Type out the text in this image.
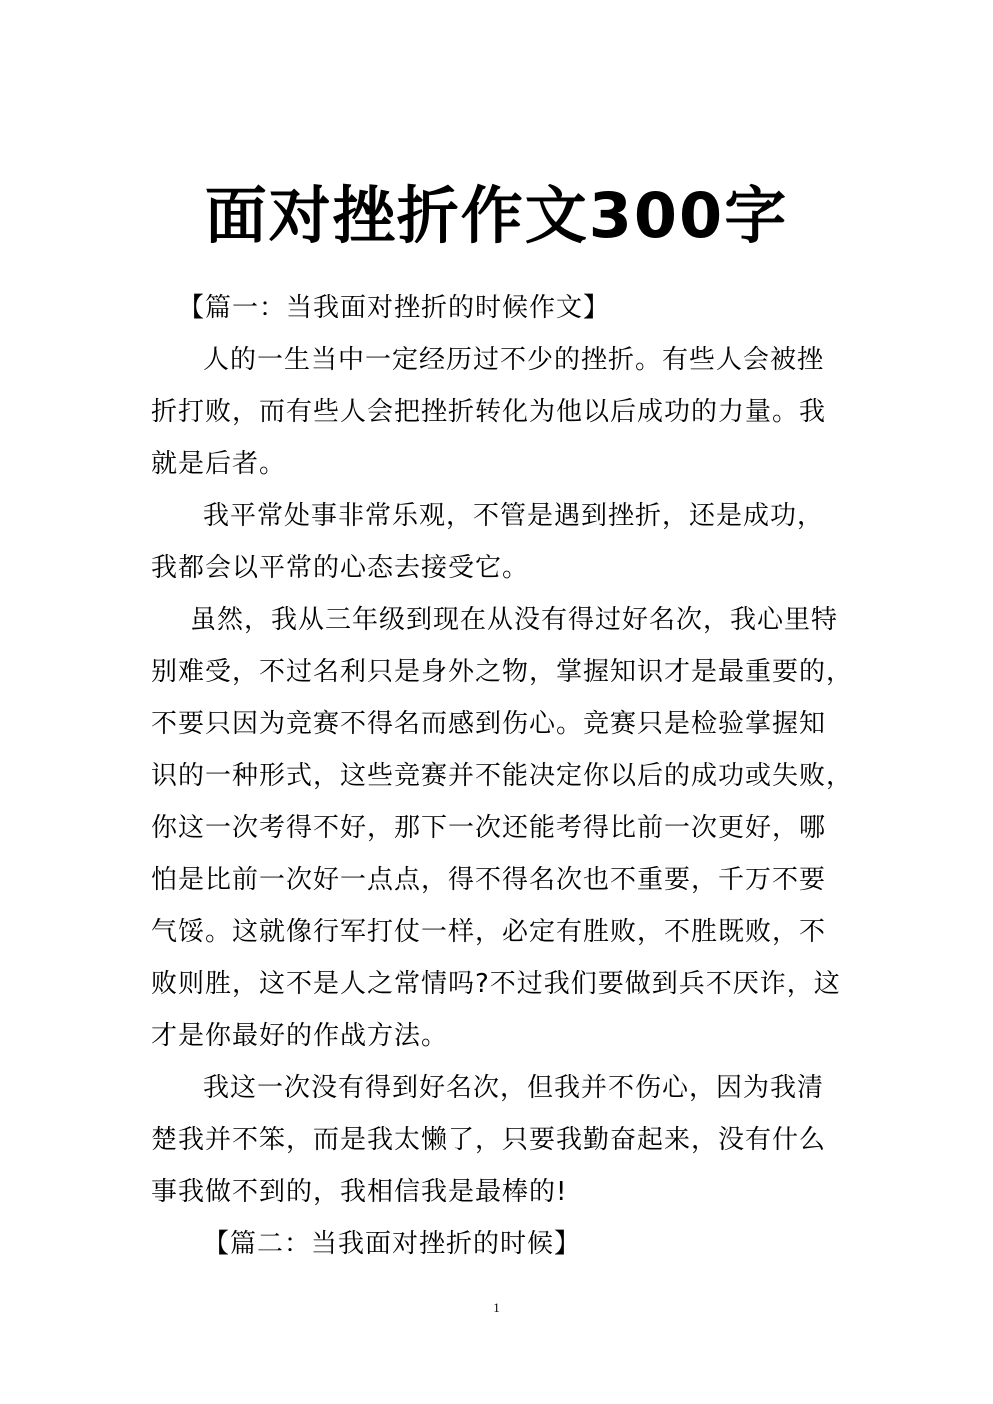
面对挫折作文300字
【篇一：当我面对挫折的时候作文】
人的一生当中一定经历过不少的挫折。有些人会被挫
折打败，而有些人会把挫折转化为他以后成功的力量。我
就是后者。
我平常处事非常乐观，不管是遇到挫折，还是成功，
我都会以平常的心态去接受它。
虽然，我从三年级到现在从没有得过好名次，我心里特
别难受，不过名利只是身外之物，掌握知识才是最重要的，
不要只因为竞赛不得名而感到伤心。竞赛只是检验掌握知
识的一种形式，这些竞赛并不能决定你以后的成功或失败，
你这一次考得不好，那下一次还能考得比前一次更好，哪
怕是比前一次好一点点，得不得名次也不重要，千万不要
气馁。这就像行军打仗一样，必定有胜败，不胜既败，不
败则胜，这不是人之常情吗?不过我们要做到兵不厌诈，这
才是你最好的作战方法。
我这一次没有得到好名次，但我并不伤心，因为我清
楚我并不笨，而是我太懒了，只要我勤奋起来，没有什么
事我做不到的，我相信我是最棒的!
【篇二：当我面对挫折的时候】
1
